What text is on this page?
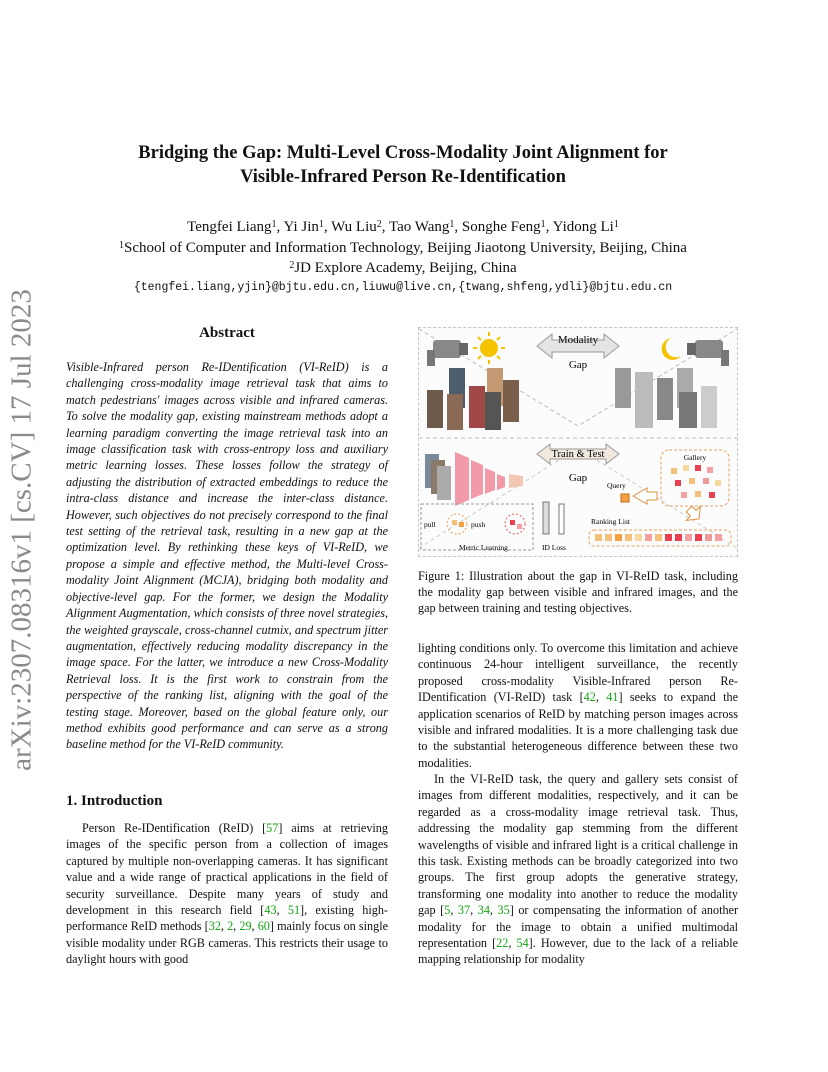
arXiv:2307.08316v1 [cs.CV] 17 Jul 2023
Bridging the Gap: Multi-Level Cross-Modality Joint Alignment for
Visible-Infrared Person Re-Identification
Tengfei Liang$^1$, Yi Jin$^1$, Wu Liu$^2$, Tao Wang$^1$, Songhe Feng$^1$, Yidong Li$^1$
$^1$School of Computer and Information Technology, Beijing Jiaotong University, Beijing, China
$^2$JD Explore Academy, Beijing, China
{tengfei.liang,yjin}@bjtu.edu.cn,liuwu@live.cn,{twang,shfeng,ydli}@bjtu.edu.cn
Abstract

Visible-Infrared person Re-IDentification (VI-ReID) is a challenging cross-modality image retrieval task that aims to match pedestrians' images across visible and infrared cameras. To solve the modality gap, existing mainstream methods adopt a learning paradigm converting the image retrieval task into an image classification task with cross-entropy loss and auxiliary metric learning losses. These losses follow the strategy of adjusting the distribution of extracted embeddings to reduce the intra-class distance and increase the inter-class distance. However, such objectives do not precisely correspond to the final test setting of the retrieval task, resulting in a new gap at the optimization level. By rethinking these keys of VI-ReID, we propose a simple and effective method, the Multi-level Cross-modality Joint Alignment (MCJA), bridging both modality and objective-level gap. For the former, we design the Modality Alignment Augmentation, which consists of three novel strategies, the weighted grayscale, cross-channel cutmix, and spectrum jitter augmentation, effectively reducing modality discrepancy in the image space. For the latter, we introduce a new Cross-Modality Retrieval loss. It is the first work to constrain from the perspective of the ranking list, aligning with the goal of the testing stage. Moreover, based on the global feature only, our method exhibits good performance and can serve as a strong baseline method for the VI-ReID community.

1. Introduction

Person Re-IDentification (ReID) [57] aims at retrieving images of the specific person from a collection of images captured by multiple non-overlapping cameras. It has significant value and a wide range of practical applications in the field of security surveillance. Despite many years of study and development in this research field [43, 51], existing high-performance ReID methods [32, 2, 29, 60] mainly focus on single visible modality under RGB cameras. This restricts their usage to daylight hours with good

Modality
Gap
Train & Test
Gap
Gallery
Query
Ranking List
pull	push
Metric Learning	ID Loss

Figure 1: Illustration about the gap in VI-ReID task, including the modality gap between visible and infrared images, and the gap between training and testing objectives.

lighting conditions only. To overcome this limitation and achieve continuous 24-hour intelligent surveillance, the recently proposed cross-modality Visible-Infrared person Re-IDentification (VI-ReID) task [42, 41] seeks to expand the application scenarios of ReID by matching person images across visible and infrared modalities. It is a more challenging task due to the substantial heterogeneous difference between these two modalities.

In the VI-ReID task, the query and gallery sets consist of images from different modalities, respectively, and it can be regarded as a cross-modality image retrieval task. Thus, addressing the modality gap stemming from the different wavelengths of visible and infrared light is a critical challenge in this task. Existing methods can be broadly categorized into two groups. The first group adopts the generative strategy, transforming one modality into another to reduce the modality gap [5, 37, 34, 35] or compensating the information of another modality for the image to obtain a unified multimodal representation [22, 54]. However, due to the lack of a reliable mapping relationship for modality
